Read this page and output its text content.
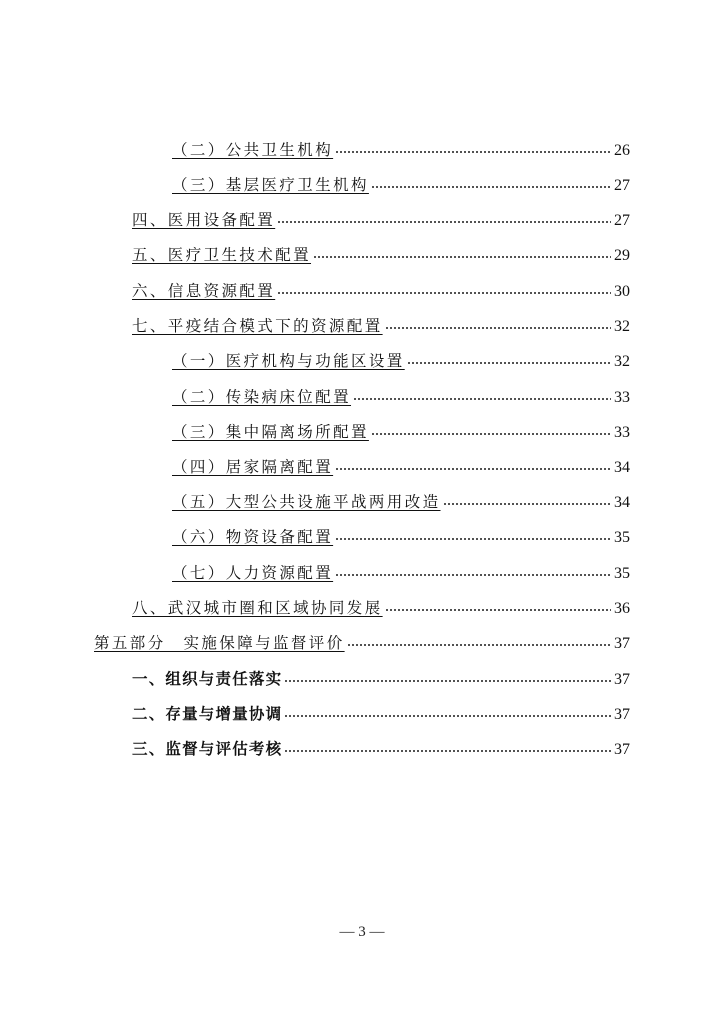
（二）公共卫生机构	26
（三）基层医疗卫生机构	27
四、医用设备配置	27
五、医疗卫生技术配置	29
六、信息资源配置	30
七、平疫结合模式下的资源配置	32
（一）医疗机构与功能区设置	32
（二）传染病床位配置	33
（三）集中隔离场所配置	33
（四）居家隔离配置	34
（五）大型公共设施平战两用改造	34
（六）物资设备配置	35
（七）人力资源配置	35
八、武汉城市圈和区域协同发展	36
第五部分　实施保障与监督评价	37
一、组织与责任落实	37
二、存量与增量协调	37
三、监督与评估考核	37
— 3 —
